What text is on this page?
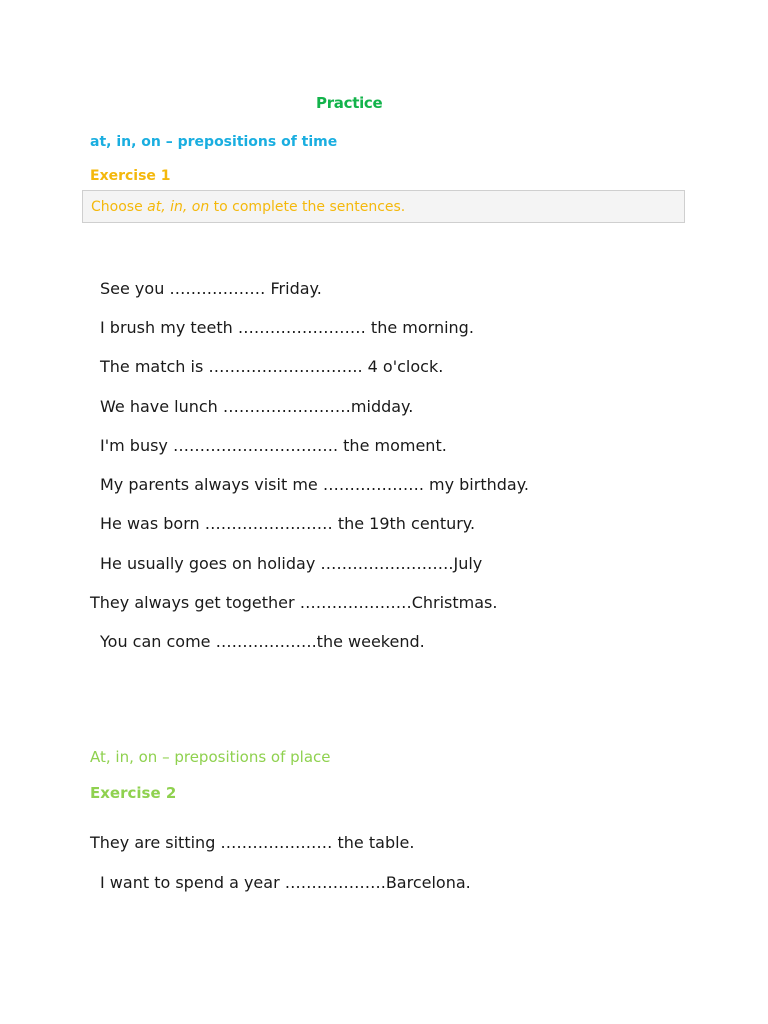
Practice
at, in, on – prepositions of time
Exercise 1
Choose at, in, on to complete the sentences.
See you ……………… Friday.
I brush my teeth …………………… the morning.
The match is ……………………….. 4 o'clock.
We have lunch ……………………midday.
I'm busy …………………………. the moment.
My parents always visit me ………………. my birthday.
He was born …………………… the 19th century.
He usually goes on holiday …………………….July
They always get together …………………Christmas.
You can come ……………….the weekend.
At, in, on – prepositions of place
Exercise 2
They are sitting ………………… the table.
I want to spend a year ……………….Barcelona.
